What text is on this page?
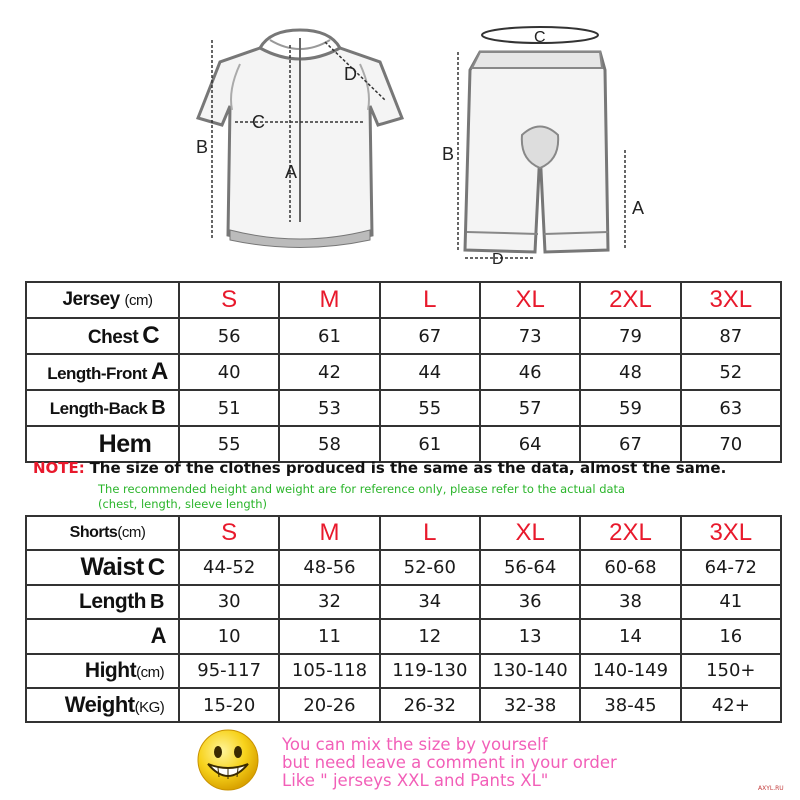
B
C
A
D
C
B
A
D
Jersey (cm)	S	M	L	XL	2XL	3XL
Chest C	56	61	67	73	79	87
Length-Front A	40	42	44	46	48	52
Length-Back B	51	53	55	57	59	63
Hem	55	58	61	64	67	70
NOTE: The size of the clothes produced is the same as the data, almost the same.
The recommended height and weight are for reference only, please refer to the actual data
(chest, length, sleeve length)
Shorts(cm)	S	M	L	XL	2XL	3XL
Waist C	44-52	48-56	52-60	56-64	60-68	64-72
Length B	30	32	34	36	38	41
A	10	11	12	13	14	16
Hight(cm)	95-117	105-118	119-130	130-140	140-149	150+
Weight(KG)	15-20	20-26	26-32	32-38	38-45	42+
You can mix the size by yourself
but need leave a comment in your order
Like " jerseys XXL and Pants XL"	AXYL.RU
